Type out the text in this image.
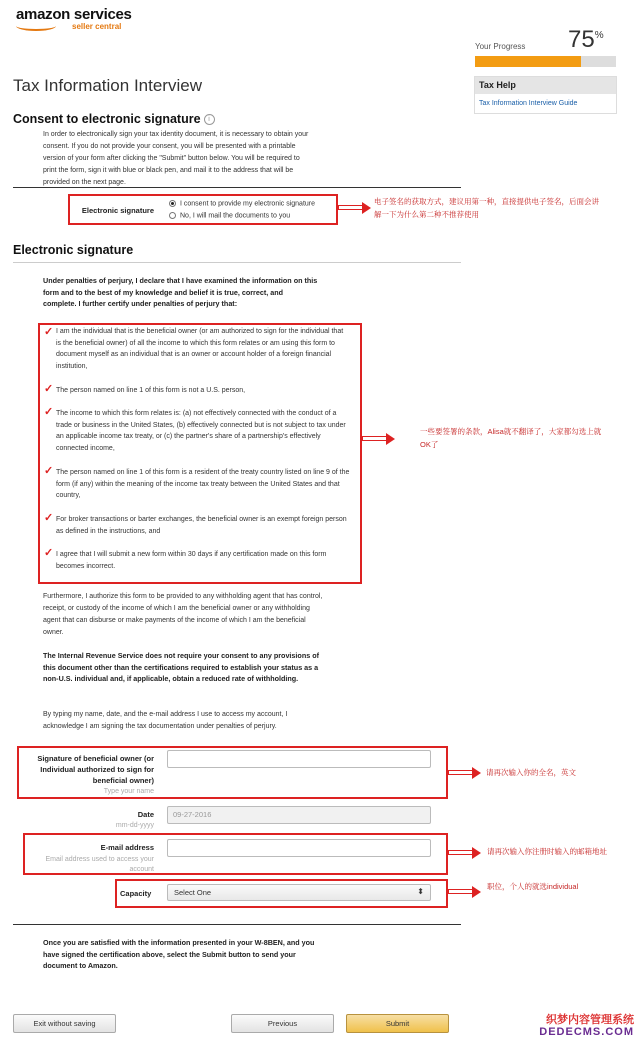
amazon services
seller central
Your Progress 75%
Tax Help
Tax Information Interview Guide
Tax Information Interview
Consent to electronic signature i
In order to electronically sign your tax identity document, it is necessary to obtain your consent. If you do not provide your consent, you will be presented with a printable version of your form after clicking the "Submit" button below. You will be required to print the form, sign it with blue or black pen, and mail it to the address that will be provided on the next page.
Electronic signature
I consent to provide my electronic signature
No, I will mail the documents to you
电子签名的获取方式，建议用第一种，直接提供电子签名，后面会讲解一下为什么第二种不推荐使用
Electronic signature
Under penalties of perjury, I declare that I have examined the information on this form and to the best of my knowledge and belief it is true, correct, and complete. I further certify under penalties of perjury that:
✓ I am the individual that is the beneficial owner (or am authorized to sign for the individual that is the beneficial owner) of all the income to which this form relates or am using this form to document myself as an individual that is an owner or account holder of a foreign financial institution,
✓ The person named on line 1 of this form is not a U.S. person,
✓ The income to which this form relates is: (a) not effectively connected with the conduct of a trade or business in the United States, (b) effectively connected but is not subject to tax under an applicable income tax treaty, or (c) the partner's share of a partnership's effectively connected income,
✓ The person named on line 1 of this form is a resident of the treaty country listed on line 9 of the form (if any) within the meaning of the income tax treaty between the United States and that country,
✓ For broker transactions or barter exchanges, the beneficial owner is an exempt foreign person as defined in the instructions, and
✓ I agree that I will submit a new form within 30 days if any certification made on this form becomes incorrect.
一些要签署的条款，Alisa就不翻译了，大家都勾选上就OK了
Furthermore, I authorize this form to be provided to any withholding agent that has control, receipt, or custody of the income of which I am the beneficial owner or any withholding agent that can disburse or make payments of the income of which I am the beneficial owner.
The Internal Revenue Service does not require your consent to any provisions of this document other than the certifications required to establish your status as a non-U.S. individual and, if applicable, obtain a reduced rate of withholding.
By typing my name, date, and the e-mail address I use to access my account, I acknowledge I am signing the tax documentation under penalties of perjury.
Signature of beneficial owner (or Individual authorized to sign for beneficial owner)
Type your name
请再次输入你的全名，英文
Date
mm-dd-yyyy
09-27-2016
E-mail address
Email address used to access your account
请再次输入你注册时输入的邮箱地址
Capacity	Select One	⬍
职位，个人的就选individual
Once you are satisfied with the information presented in your W-8BEN, and you have signed the certification above, select the Submit button to send your document to Amazon.
Exit without saving	Previous	Submit	织梦内容管理系统
DEDECMS.COM
